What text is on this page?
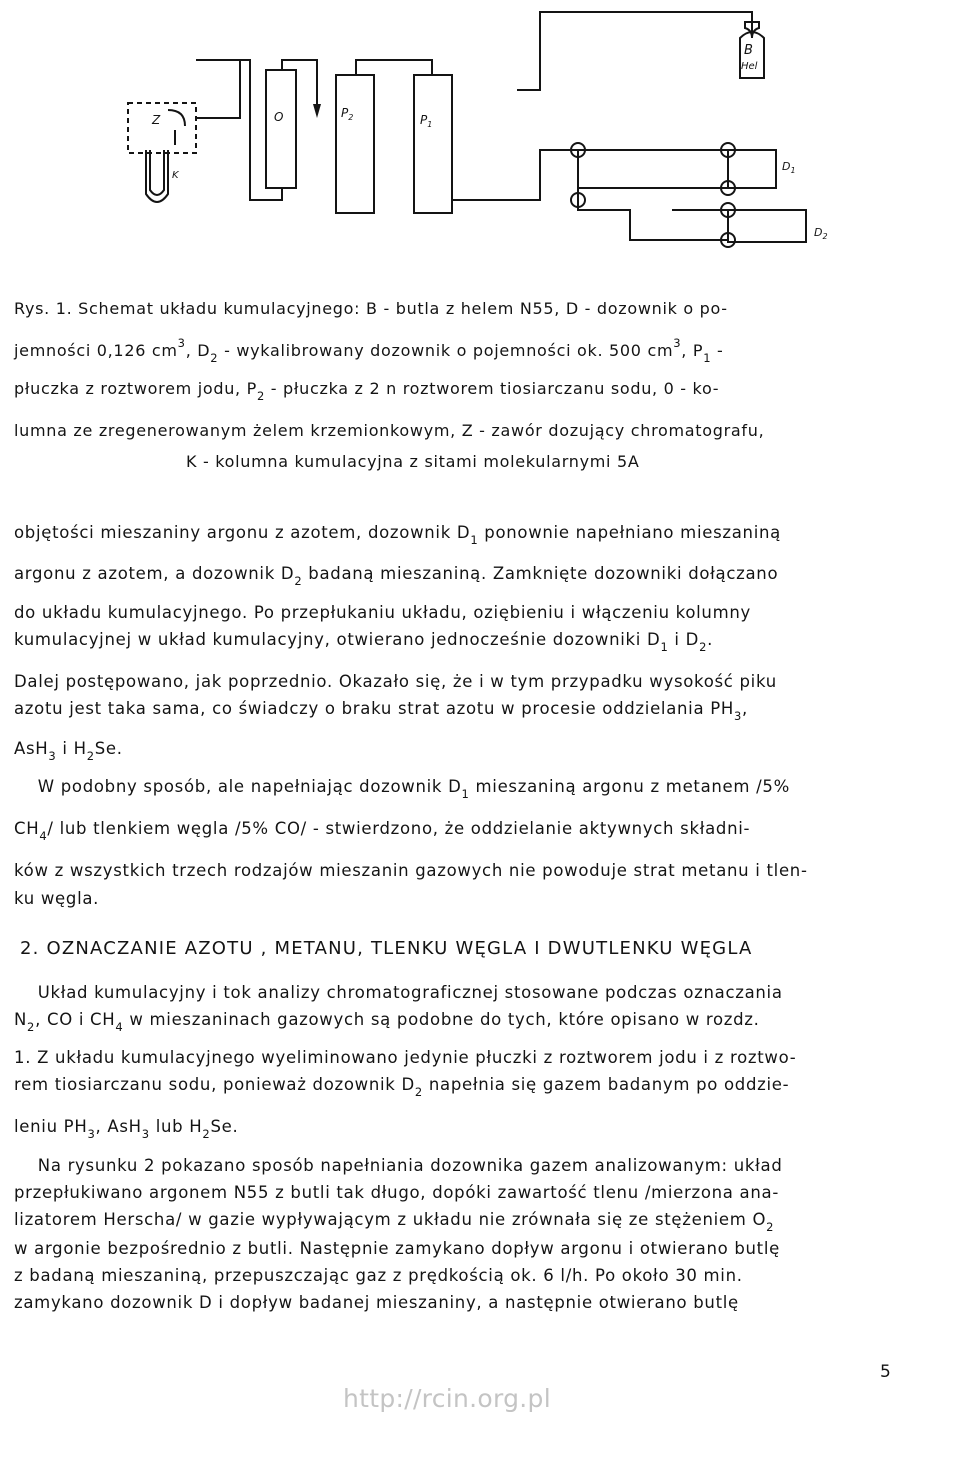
B
Hel
O	$P_2$	$P_1$
Z
K
$D_1$
$D_2$
Rys. 1. Schemat układu kumulacyjnego: B - butla z helem N55, D - dozownik o po-
jemności 0,126 $cm^3$, $D_2$ - wykalibrowany dozownik o pojemności ok. 500 $cm^3$, $P_1$ -
płuczka z roztworem jodu, $P_2$ - płuczka z 2 n roztworem tiosiarczanu sodu, 0 - ko-
lumna ze zregenerowanym żelem krzemionkowym, Z - zawór dozujący chromatografu,
K - kolumna kumulacyjna z sitami molekularnymi 5A
objętości mieszaniny argonu z azotem, dozownik $D_1$ ponownie napełniano mieszaniną
argonu z azotem, a dozownik $D_2$ badaną mieszaniną. Zamknięte dozowniki dołączano
do układu kumulacyjnego. Po przepłukaniu układu, oziębieniu i włączeniu kolumny
kumulacyjnej w układ kumulacyjny, otwierano jednocześnie dozowniki $D_1$ i $D_2$.
Dalej postępowano, jak poprzednio. Okazało się, że i w tym przypadku wysokość piku
azotu jest taka sama, co świadczy o braku strat azotu w procesie oddzielania $PH_3$,
AsH$_3$ i $H_2Se$.
W podobny sposób, ale napełniając dozownik $D_1$ mieszaniną argonu z metanem /5%
$CH_4/$ lub tlenkiem węgla /5% CO/ - stwierdzono, że oddzielanie aktywnych składni-
ków z wszystkich trzech rodzajów mieszanin gazowych nie powoduje strat metanu i tlen-
ku węgla.
2. OZNACZANIE AZOTU , METANU, TLENKU WĘGLA I DWUTLENKU WĘGLA
Układ kumulacyjny i tok analizy chromatograficznej stosowane podczas oznaczania
$N_2$, CO i $CH_4$ w mieszaninach gazowych są podobne do tych, które opisano w rozdz.
1. Z układu kumulacyjnego wyeliminowano jedynie płuczki z roztworem jodu i z roztwo-
rem tiosiarczanu sodu, ponieważ dozownik $D_2$ napełnia się gazem badanym po oddzie-
leniu $PH_3$, AsH$_3$ lub $H_2Se$.
Na rysunku 2 pokazano sposób napełniania dozownika gazem analizowanym: układ
przepłukiwano argonem N55 z butli tak długo, dopóki zawartość tlenu /mierzona ana-
lizatorem Herscha/ w gazie wypływającym z układu nie zrównała się ze stężeniem $O_2$
w argonie bezpośrednio z butli. Następnie zamykano dopływ argonu i otwierano butlę
z badaną mieszaniną, przepuszczając gaz z prędkością ok. 6 l/h. Po około 30 min.
zamykano dozownik D i dopływ badanej mieszaniny, a następnie otwierano butlę
5
http://rcin.org.pl
